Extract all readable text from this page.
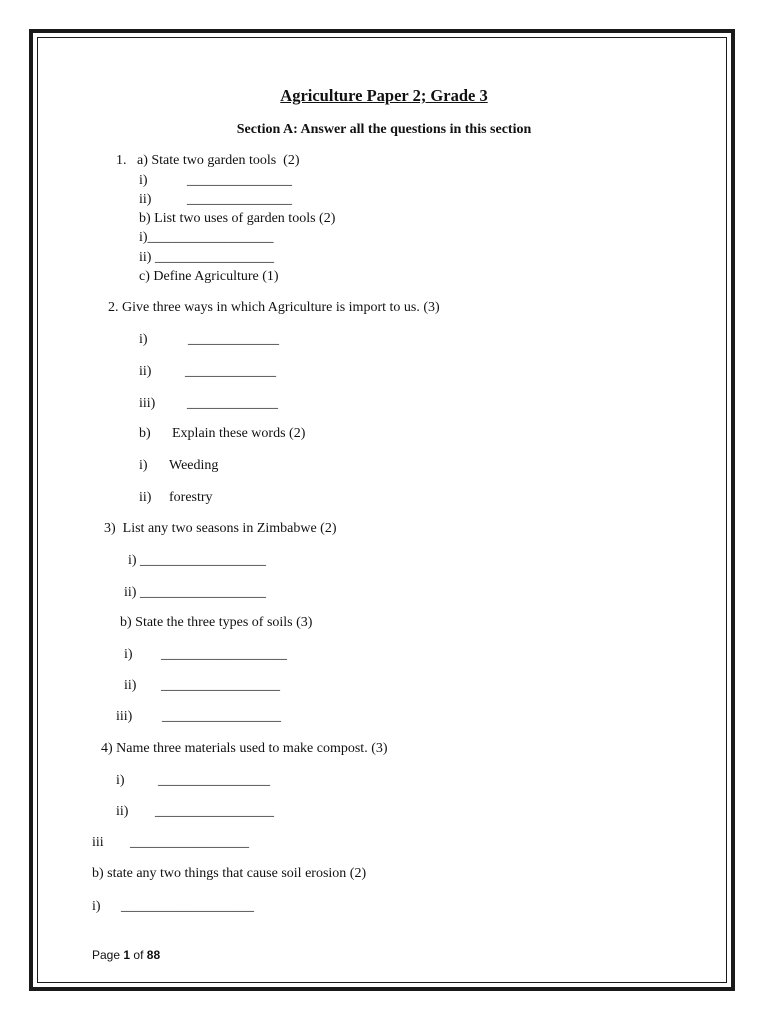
Agriculture Paper 2; Grade 3
Section A: Answer all the questions in this section
1.   a) State two garden tools  (2)
i)	_______________
ii)	_______________
b) List two uses of garden tools (2)
i)__________________
ii) _________________
c) Define Agriculture (1)
2. Give three ways in which Agriculture is import to us. (3)
i)	_____________
ii) _____________
iii) _____________
b) Explain these words (2)
i) Weeding
ii) forestry
3)  List any two seasons in Zimbabwe (2)
i) __________________
ii) __________________
b) State the three types of soils (3)
i) __________________
ii) _________________
iii) _________________
4) Name three materials used to make compost. (3)
i) ________________
ii) _________________
iii _________________
b) state any two things that cause soil erosion (2)
i) ___________________
Page 1 of 88
